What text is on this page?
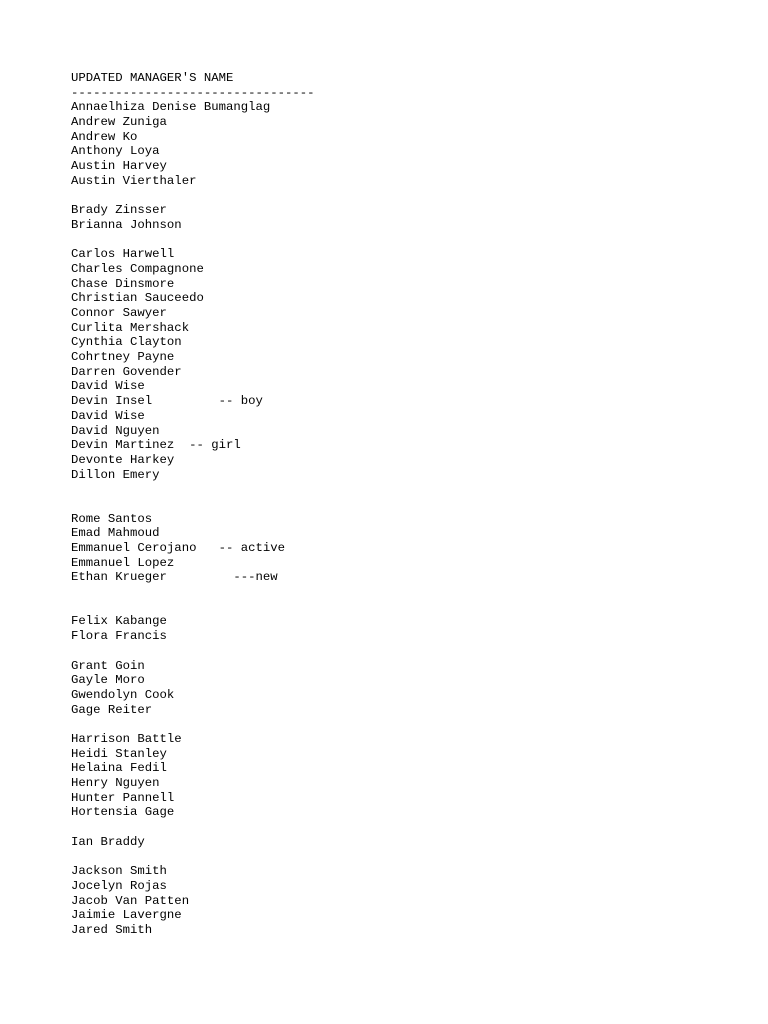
UPDATED MANAGER'S NAME
---------------------------------
Annaelhiza Denise Bumanglag
Andrew Zuniga
Andrew Ko
Anthony Loya
Austin Harvey
Austin Vierthaler
Brady Zinsser
Brianna Johnson
Carlos Harwell
Charles Compagnone
Chase Dinsmore
Christian Sauceedo
Connor Sawyer
Curlita Mershack
Cynthia Clayton
Cohrtney Payne
Darren Govender
David Wise
Devin Insel         -- boy
David Wise
David Nguyen
Devin Martinez  -- girl
Devonte Harkey
Dillon Emery
Rome Santos
Emad Mahmoud
Emmanuel Cerojano   -- active
Emmanuel Lopez
Ethan Krueger         ---new
Felix Kabange
Flora Francis
Grant Goin
Gayle Moro
Gwendolyn Cook
Gage Reiter
Harrison Battle
Heidi Stanley
Helaina Fedil
Henry Nguyen
Hunter Pannell
Hortensia Gage
Ian Braddy
Jackson Smith
Jocelyn Rojas
Jacob Van Patten
Jaimie Lavergne
Jared Smith
